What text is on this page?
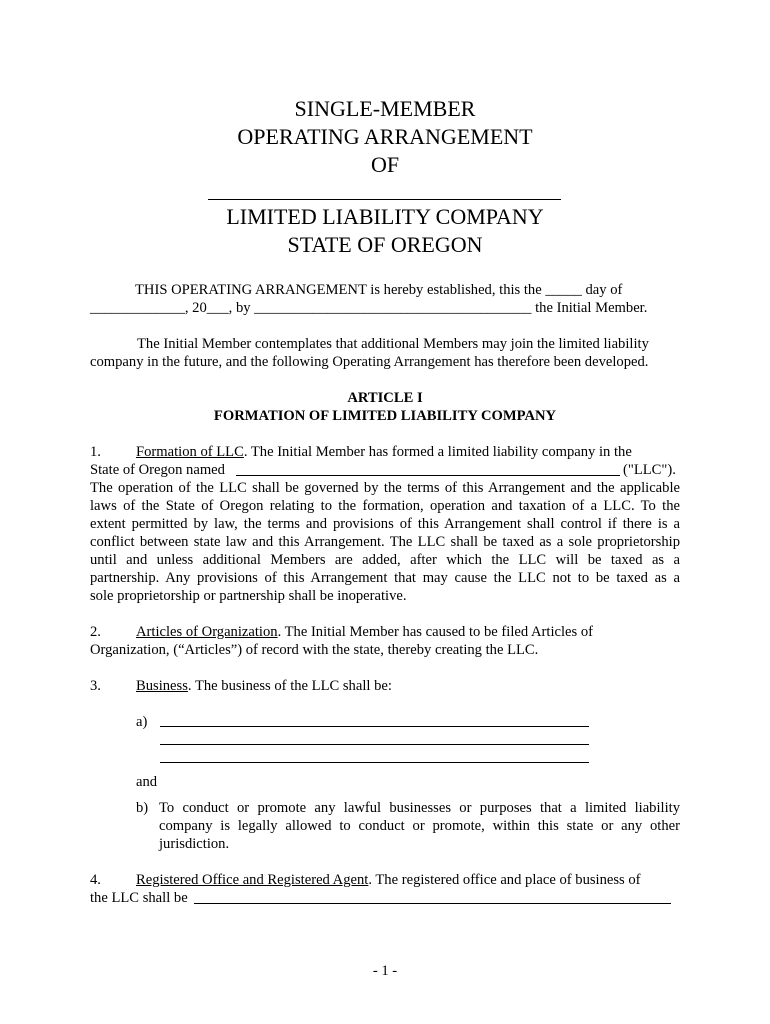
SINGLE-MEMBER
OPERATING ARRANGEMENT
OF
LIMITED LIABILITY COMPANY
STATE OF OREGON
THIS OPERATING ARRANGEMENT is hereby established, this the _____ day of
_____________, 20___, by ______________________________________ the Initial Member.
The Initial Member contemplates that additional Members may join the limited liability
company in the future, and the following Operating Arrangement has therefore been developed.
ARTICLE I
FORMATION OF LIMITED LIABILITY COMPANY
1. Formation of LLC. The Initial Member has formed a limited liability company in the
State of Oregon named	("LLC").
The operation of the LLC shall be governed by the terms of this Arrangement and the applicable
laws of the State of Oregon relating to the formation, operation and taxation of a LLC. To the
extent permitted by law, the terms and provisions of this Arrangement shall control if there is a
conflict between state law and this Arrangement. The LLC shall be taxed as a sole proprietorship
until and unless additional Members are added, after which the LLC will be taxed as a
partnership. Any provisions of this Arrangement that may cause the LLC not to be taxed as a
sole proprietorship or partnership shall be inoperative.
2. Articles of Organization. The Initial Member has caused to be filed Articles of
Organization, (“Articles”) of record with the state, thereby creating the LLC.
3. Business. The business of the LLC shall be:
a)
and
b) To conduct or promote any lawful businesses or purposes that a limited liability
company is legally allowed to conduct or promote, within this state or any other
jurisdiction.
4. Registered Office and Registered Agent. The registered office and place of business of
the LLC shall be
- 1 -
